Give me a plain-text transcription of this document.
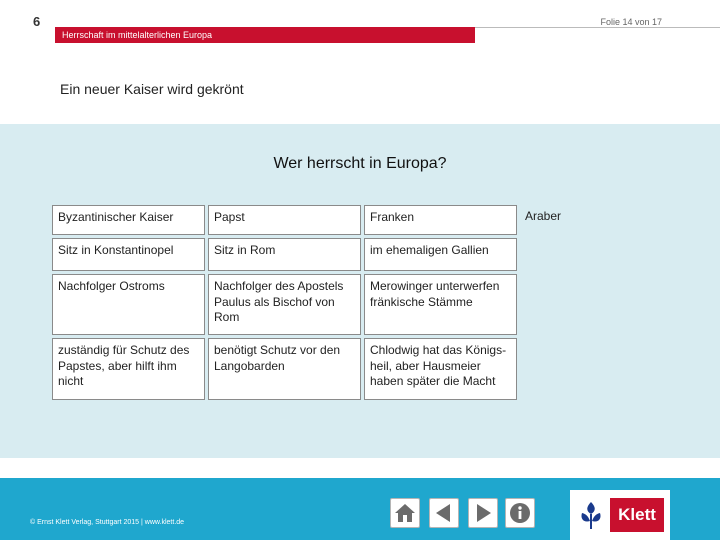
6	Folie 14 von 17
Herrschaft im mittelalterlichen Europa
Ein neuer Kaiser wird gekrönt
Wer herrscht in Europa?
Byzantinischer Kaiser	Papst	Franken	Araber
Sitz in Konstantinopel	Sitz in Rom	im ehemaligen Gallien	
Nachfolger Ostroms	Nachfolger des Apostels Paulus als Bischof von Rom	Merowinger unterwerfen fränkische Stämme	
zuständig für Schutz des Papstes, aber hilft ihm nicht	benötigt Schutz vor den Langobarden	Chlodwig hat das Königs-heil, aber Hausmeier haben später die Macht	
© Ernst Klett Verlag, Stuttgart 2015 | www.klett.de	Klett
